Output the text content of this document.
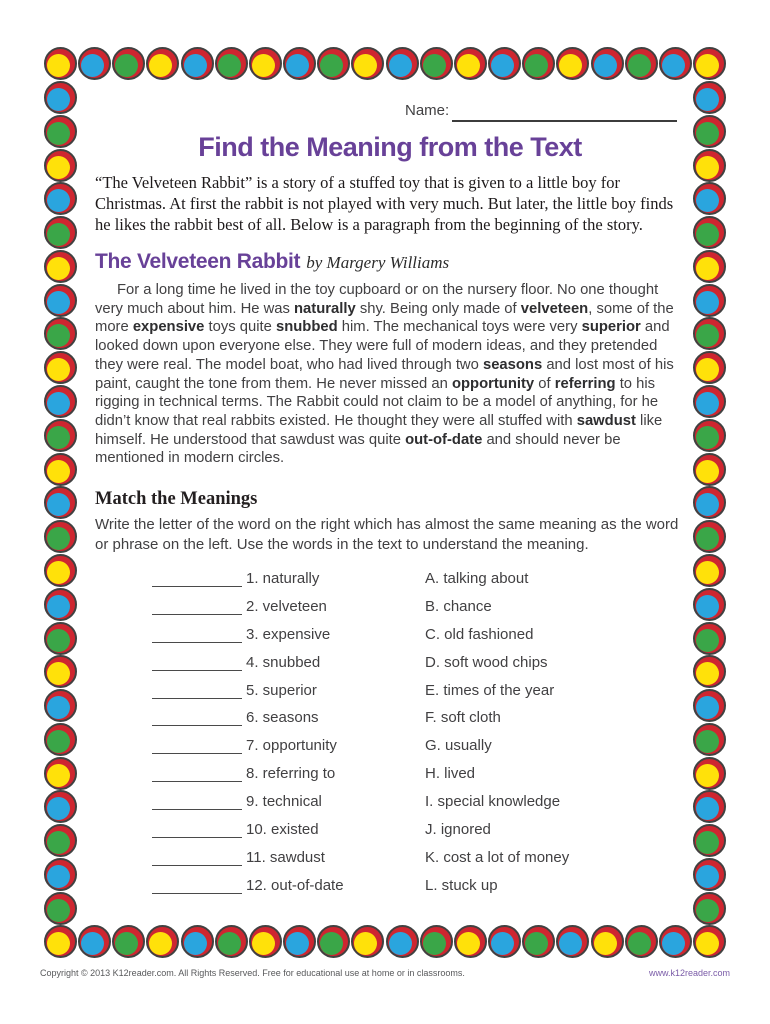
Name:
Find the Meaning from the Text

“The Velveteen Rabbit” is a story of a stuffed toy that is given to a little boy for Christmas. At first the rabbit is not played with very much. But later, the little boy finds he likes the rabbit best of all. Below is a paragraph from the beginning of the story.

The Velveteen Rabbit by Margery Williams

For a long time he lived in the toy cupboard or on the nursery floor. No one thought very much about him. He was naturally shy. Being only made of velveteen, some of the more expensive toys quite snubbed him. The mechanical toys were very superior and looked down upon everyone else. They were full of modern ideas, and they pretended they were real. The model boat, who had lived through two seasons and lost most of his paint, caught the tone from them. He never missed an opportunity of referring to his rigging in technical terms. The Rabbit could not claim to be a model of anything, for he didn’t know that real rabbits existed. He thought they were all stuffed with sawdust like himself. He understood that sawdust was quite out-of-date and should never be mentioned in modern circles.

Match the Meanings

Write the letter of the word on the right which has almost the same meaning as the word or phrase on the left. Use the words in the text to understand the meaning.

1. naturally	A. talking about
2. velveteen	B. chance
3. expensive	C. old fashioned
4. snubbed	D. soft wood chips
5. superior	E. times of the year
6. seasons	F. soft cloth
7. opportunity	G. usually
8. referring to	H. lived
9. technical	I. special knowledge
10. existed	J. ignored
11. sawdust	K. cost a lot of money
12. out-of-date	L. stuck up
Copyright © 2013 K12reader.com. All Rights Reserved. Free for educational use at home or in classrooms.	www.k12reader.com
